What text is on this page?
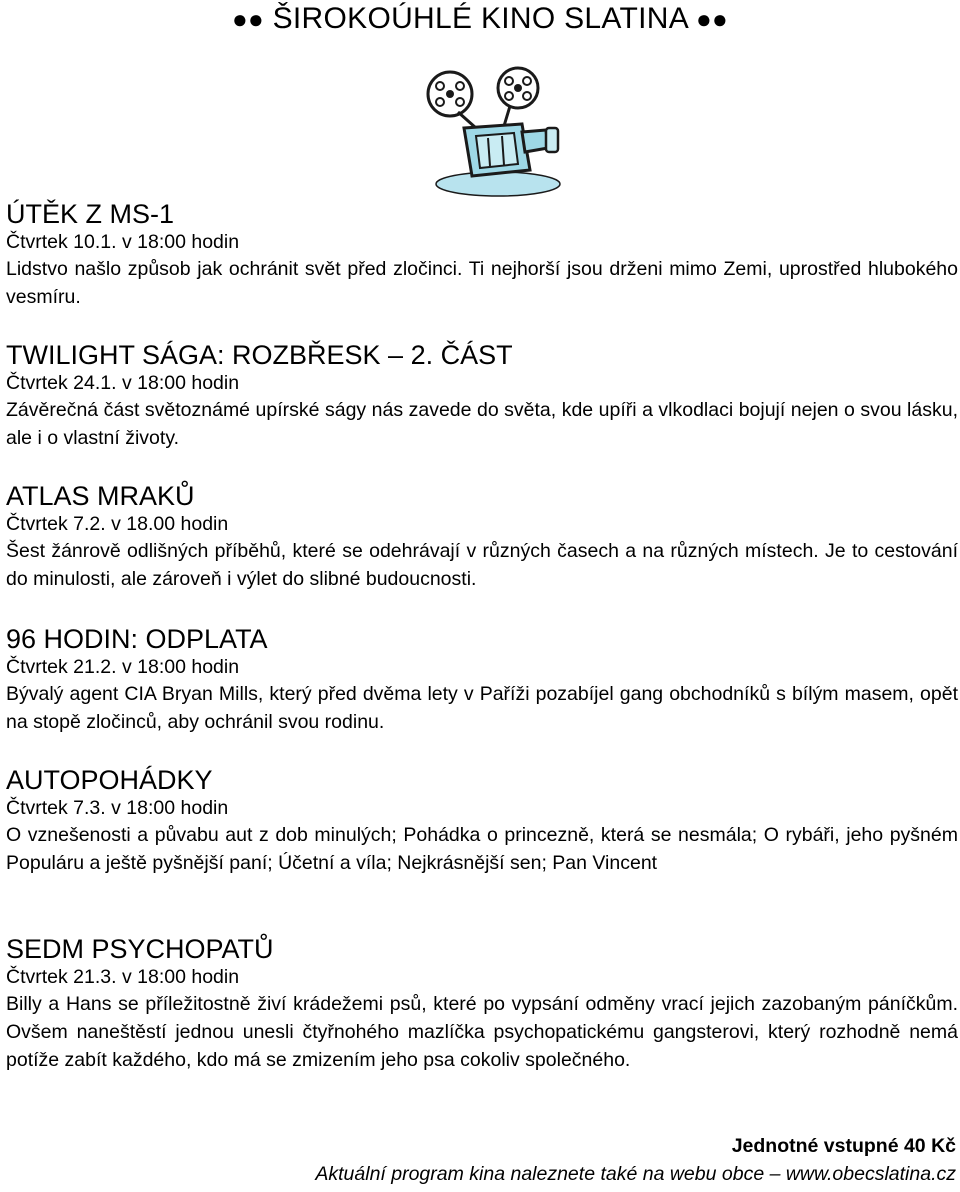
●● ŠIROKOÚHLÉ KINO SLATINA ●●
ÚTĚK Z MS-1
Čtvrtek 10.1. v 18:00 hodin
Lidstvo našlo způsob jak ochránit svět před zločinci. Ti nejhorší jsou drženi mimo Zemi, uprostřed hlubokého vesmíru.
TWILIGHT SÁGA: ROZBŘESK – 2. ČÁST
Čtvrtek 24.1. v 18:00 hodin
Závěrečná část světoznámé upírské ságy nás zavede do světa, kde upíři a vlkodlaci bojují nejen o svou lásku, ale i o vlastní životy.
ATLAS MRAKŮ
Čtvrtek 7.2. v 18.00 hodin
Šest žánrově odlišných příběhů, které se odehrávají v různých časech a na různých místech. Je to cestování do minulosti, ale zároveň i výlet do slibné budoucnosti.
96 HODIN: ODPLATA
Čtvrtek 21.2. v 18:00 hodin
Bývalý agent CIA Bryan Mills, který před dvěma lety v Paříži pozabíjel gang obchodníků s bílým masem, opět na stopě zločinců, aby ochránil svou rodinu.
AUTOPOHÁDKY
Čtvrtek 7.3. v 18:00 hodin
O vznešenosti a půvabu aut z dob minulých; Pohádka o princezně, která se nesmála; O rybáři, jeho pyšném Populáru a ještě pyšnější paní; Účetní a víla; Nejkrásnější sen; Pan Vincent
SEDM PSYCHOPATŮ
Čtvrtek 21.3. v 18:00 hodin
Billy a Hans se příležitostně živí krádežemi psů, které po vypsání odměny vrací jejich zazobaným páníčkům. Ovšem naneštěstí jednou unesli čtyřnohého mazlíčka psychopatickému gangsterovi, který rozhodně nemá potíže zabít každého, kdo má se zmizením jeho psa cokoliv společného.
Jednotné vstupné 40 Kč
Aktuální program kina naleznete také na webu obce – www.obecslatina.cz
